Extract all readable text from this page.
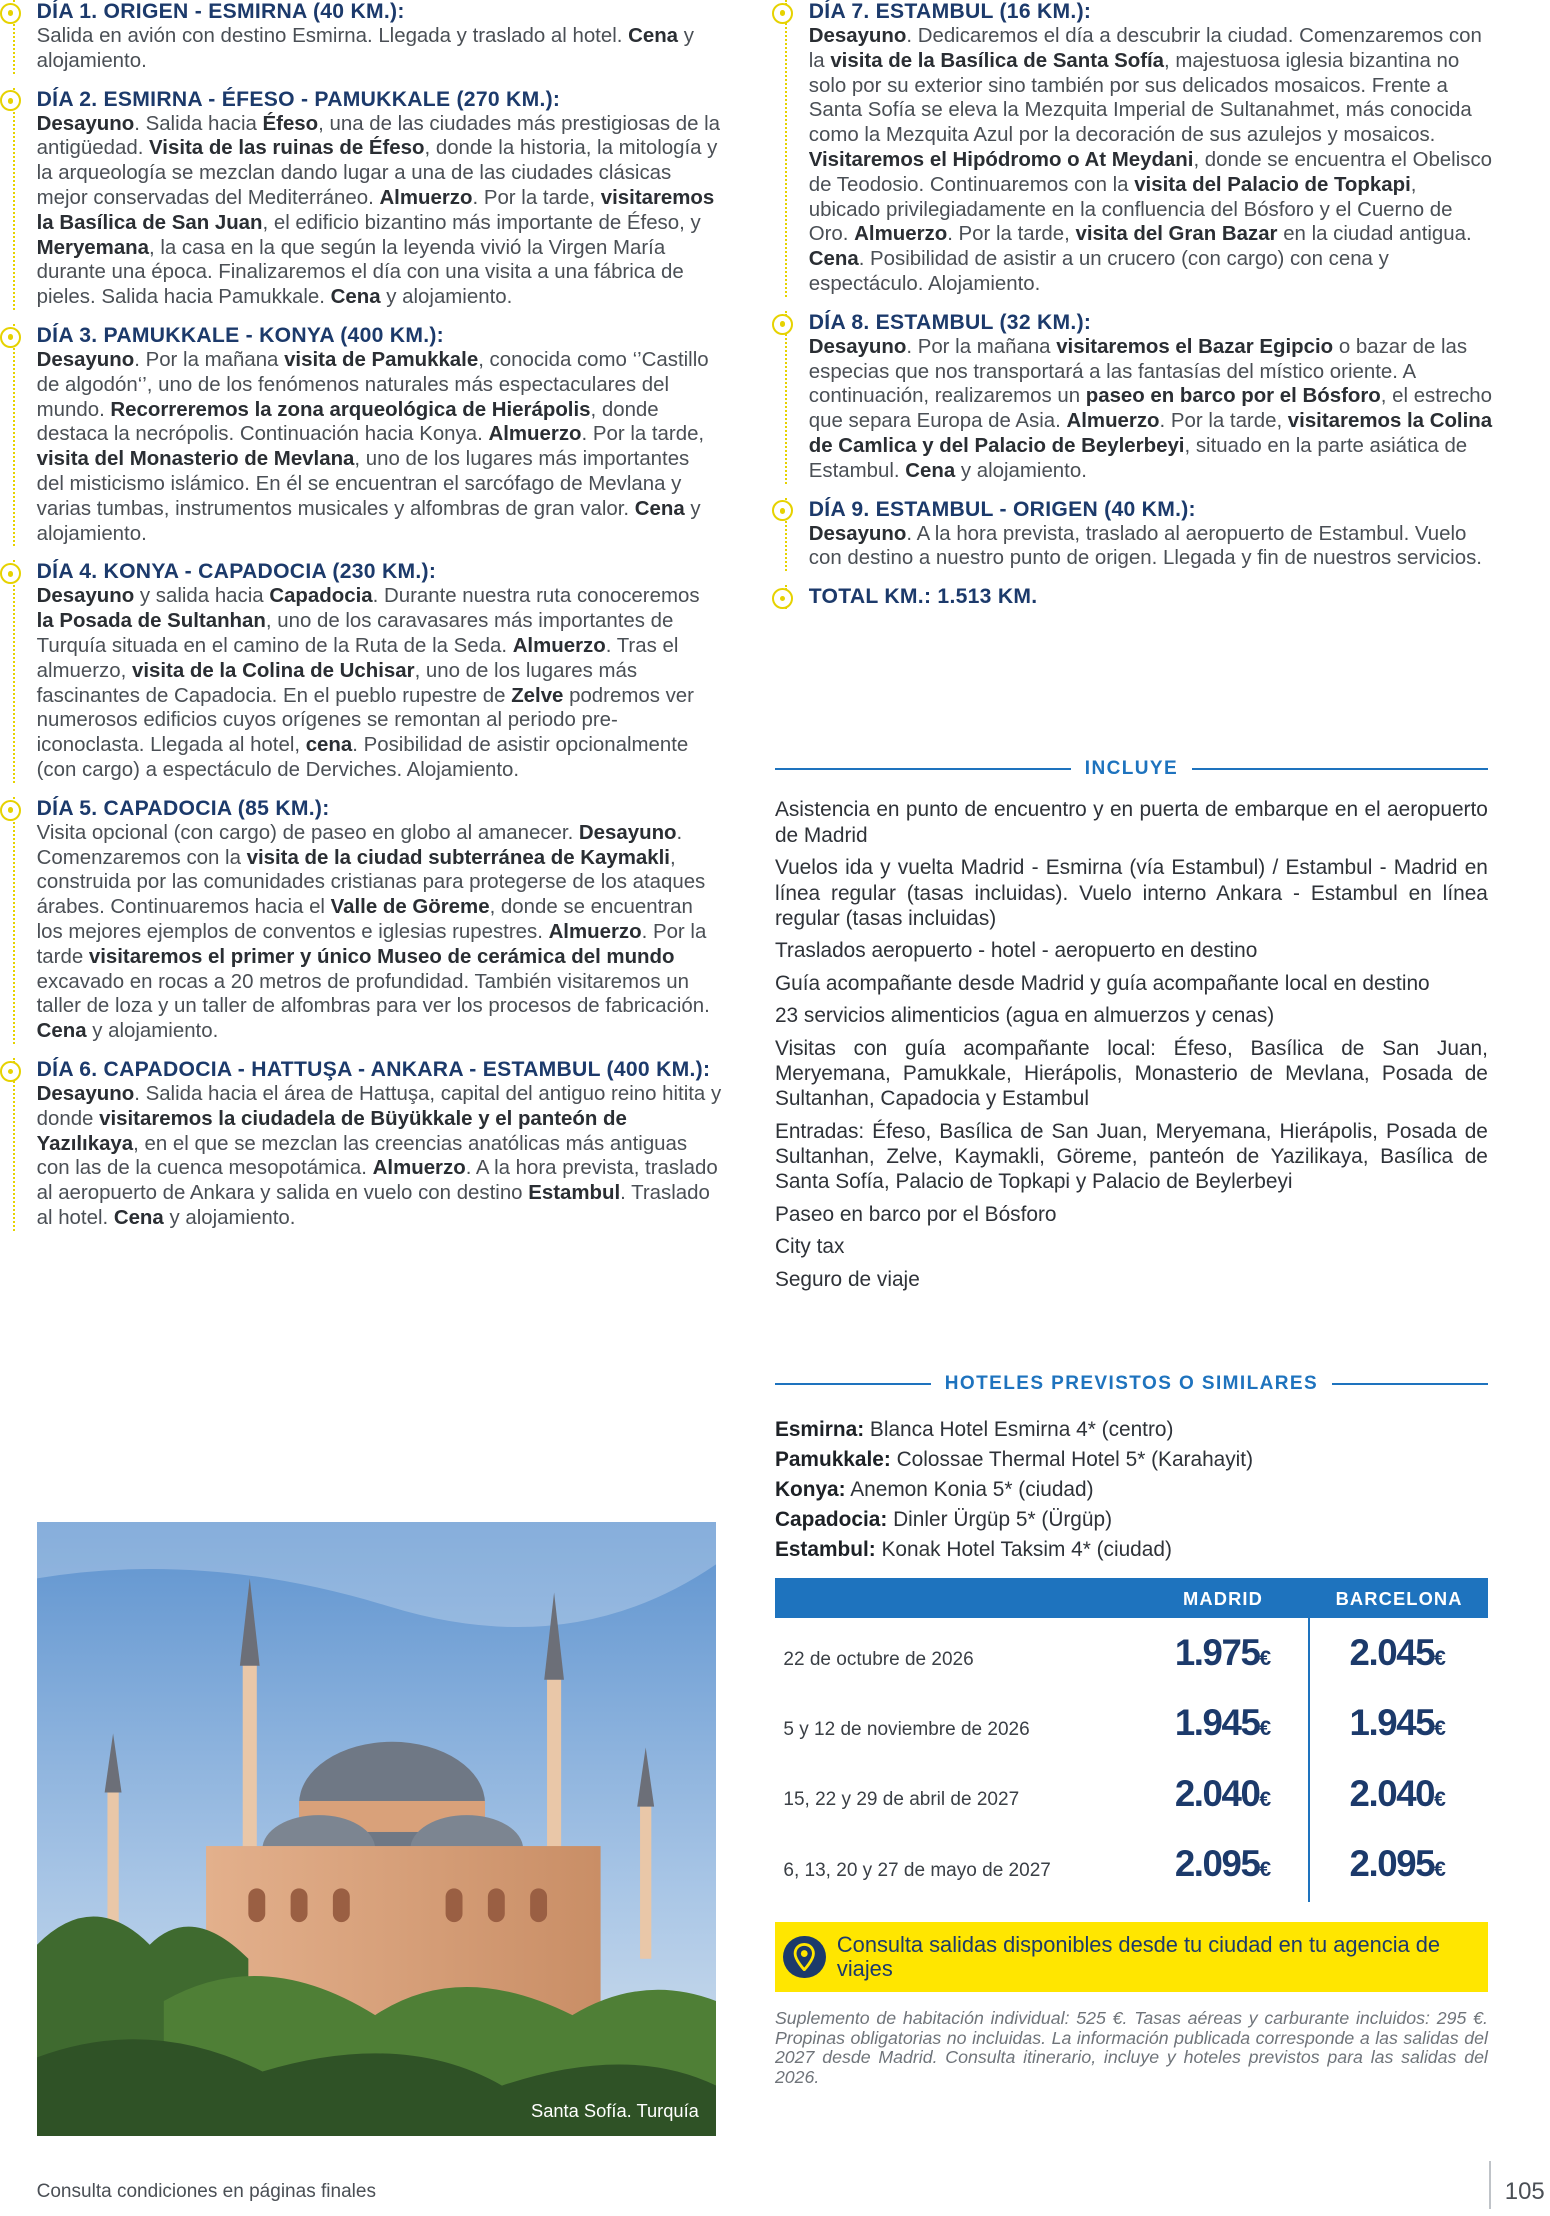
DÍA 1. ORIGEN - ESMIRNA (40 KM.):
Salida en avión con destino Esmirna. Llegada y traslado al hotel. Cena y alojamiento.
DÍA 2. ESMIRNA - ÉFESO - PAMUKKALE (270 KM.):
Desayuno. Salida hacia Éfeso, una de las ciudades más prestigiosas de la antigüedad. Visita de las ruinas de Éfeso, donde la historia, la mitología y la arqueología se mezclan dando lugar a una de las ciudades clásicas mejor conservadas del Mediterráneo. Almuerzo. Por la tarde, visitaremos la Basílica de San Juan, el edificio bizantino más importante de Éfeso, y Meryemana, la casa en la que según la leyenda vivió la Virgen María durante una época. Finalizaremos el día con una visita a una fábrica de pieles. Salida hacia Pamukkale. Cena y alojamiento.
DÍA 3. PAMUKKALE - KONYA (400 KM.):
Desayuno. Por la mañana visita de Pamukkale, conocida como ‘’Castillo de algodón‘’, uno de los fenómenos naturales más espectaculares del mundo. Recorreremos la zona arqueológica de Hierápolis, donde destaca la necrópolis. Continuación hacia Konya. Almuerzo. Por la tarde, visita del Monasterio de Mevlana, uno de los lugares más importantes del misticismo islámico. En él se encuentran el sarcófago de Mevlana y varias tumbas, instrumentos musicales y alfombras de gran valor. Cena y alojamiento.
DÍA 4. KONYA - CAPADOCIA (230 KM.):
Desayuno y salida hacia Capadocia. Durante nuestra ruta conoceremos la Posada de Sultanhan, uno de los caravasares más importantes de Turquía situada en el camino de la Ruta de la Seda. Almuerzo. Tras el almuerzo, visita de la Colina de Uchisar, uno de los lugares más fascinantes de Capadocia. En el pueblo rupestre de Zelve podremos ver numerosos edificios cuyos orígenes se remontan al periodo pre-iconoclasta. Llegada al hotel, cena. Posibilidad de asistir opcionalmente (con cargo) a espectáculo de Derviches. Alojamiento.
DÍA 5. CAPADOCIA (85 KM.):
Visita opcional (con cargo) de paseo en globo al amanecer. Desayuno. Comenzaremos con la visita de la ciudad subterránea de Kaymakli, construida por las comunidades cristianas para protegerse de los ataques árabes. Continuaremos hacia el Valle de Göreme, donde se encuentran los mejores ejemplos de conventos e iglesias rupestres. Almuerzo. Por la tarde visitaremos el primer y único Museo de cerámica del mundo excavado en rocas a 20 metros de profundidad. También visitaremos un taller de loza y un taller de alfombras para ver los procesos de fabricación. Cena y alojamiento.
DÍA 6. CAPADOCIA - HATTUŞA - ANKARA - ESTAMBUL (400 KM.):
Desayuno. Salida hacia el área de Hattuşa, capital del antiguo reino hitita y donde visitaremos la ciudadela de Büyükkale y el panteón de Yazılıkaya, en el que se mezclan las creencias anatólicas más antiguas con las de la cuenca mesopotámica. Almuerzo. A la hora prevista, traslado al aeropuerto de Ankara y salida en vuelo con destino Estambul. Traslado al hotel. Cena y alojamiento.
DÍA 7. ESTAMBUL (16 KM.):
Desayuno. Dedicaremos el día a descubrir la ciudad. Comenzaremos con la visita de la Basílica de Santa Sofía, majestuosa iglesia bizantina no solo por su exterior sino también por sus delicados mosaicos. Frente a Santa Sofía se eleva la Mezquita Imperial de Sultanahmet, más conocida como la Mezquita Azul por la decoración de sus azulejos y mosaicos. Visitaremos el Hipódromo o At Meydani, donde se encuentra el Obelisco de Teodosio. Continuaremos con la visita del Palacio de Topkapi, ubicado privilegiadamente en la confluencia del Bósforo y el Cuerno de Oro. Almuerzo. Por la tarde, visita del Gran Bazar en la ciudad antigua. Cena. Posibilidad de asistir a un crucero (con cargo) con cena y espectáculo. Alojamiento.
DÍA 8. ESTAMBUL (32 KM.):
Desayuno. Por la mañana visitaremos el Bazar Egipcio o bazar de las especias que nos transportará a las fantasías del místico oriente. A continuación, realizaremos un paseo en barco por el Bósforo, el estrecho que separa Europa de Asia. Almuerzo. Por la tarde, visitaremos la Colina de Camlica y del Palacio de Beylerbeyi, situado en la parte asiática de Estambul. Cena y alojamiento.
DÍA 9. ESTAMBUL - ORIGEN (40 KM.):
Desayuno. A la hora prevista, traslado al aeropuerto de Estambul. Vuelo con destino a nuestro punto de origen. Llegada y fin de nuestros servicios.
TOTAL KM.: 1.513 KM.
Santa Sofía. Turquía
INCLUYE
Asistencia en punto de encuentro y en puerta de embarque en el aeropuerto de Madrid
Vuelos ida y vuelta Madrid - Esmirna (vía Estambul) / Estambul - Madrid en línea regular (tasas incluidas). Vuelo interno Ankara - Estambul en línea regular (tasas incluidas)
Traslados aeropuerto - hotel - aeropuerto en destino
Guía acompañante desde Madrid y guía acompañante local en destino
23 servicios alimenticios (agua en almuerzos y cenas)
Visitas con guía acompañante local: Éfeso, Basílica de San Juan, Meryemana, Pamukkale, Hierápolis, Monasterio de Mevlana, Posada de Sultanhan, Capadocia y Estambul
Entradas: Éfeso, Basílica de San Juan, Meryemana, Hierápolis, Posada de Sultanhan, Zelve, Kaymakli, Göreme, panteón de Yazilikaya, Basílica de Santa Sofía, Palacio de Topkapi y Palacio de Beylerbeyi
Paseo en barco por el Bósforo
City tax
Seguro de viaje
HOTELES PREVISTOS O SIMILARES
Esmirna: Blanca Hotel Esmirna 4* (centro)
Pamukkale: Colossae Thermal Hotel 5* (Karahayit)
Konya: Anemon Konia 5* (ciudad)
Capadocia: Dinler Ürgüp 5* (Ürgüp)
Estambul: Konak Hotel Taksim 4* (ciudad)
MADRID	BARCELONA
22 de octubre de 2026	1.975€	2.045€
5 y 12 de noviembre de 2026	1.945€	1.945€
15, 22 y 29 de abril de 2027	2.040€	2.040€
6, 13, 20 y 27 de mayo de 2027	2.095€	2.095€
Consulta salidas disponibles desde tu ciudad en tu agencia de viajes
Suplemento de habitación individual: 525 €. Tasas aéreas y carburante incluidos: 295 €. Propinas obligatorias no incluidas. La información publicada corresponde a las salidas del 2027 desde Madrid. Consulta itinerario, incluye y hoteles previstos para las salidas del 2026.
Consulta condiciones en páginas finales	105
